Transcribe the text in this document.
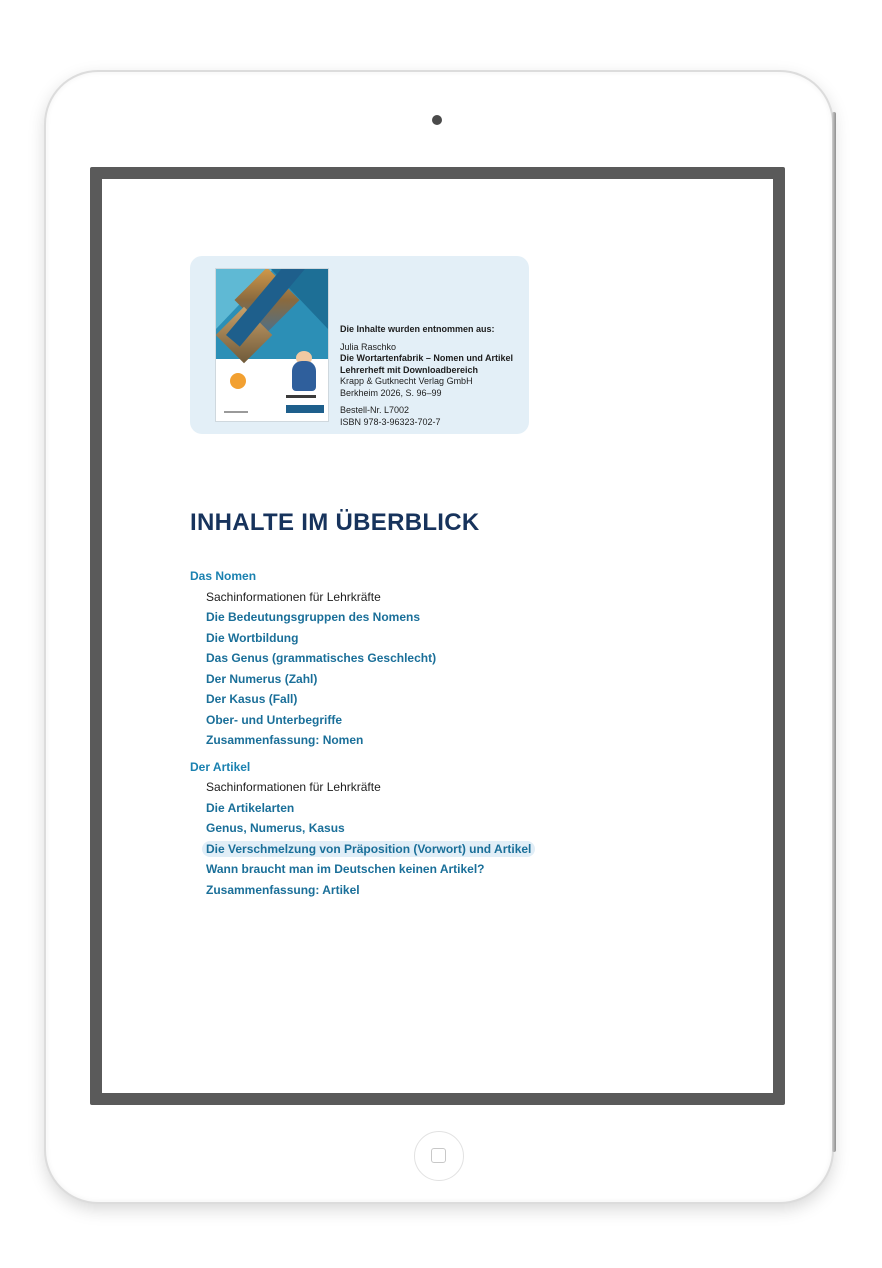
Die Inhalte wurden entnommen aus:
Julia Raschko
Die Wortartenfabrik – Nomen und Artikel
Lehrerheft mit Downloadbereich
Krapp & Gutknecht Verlag GmbH
Berkheim 2026, S. 96–99
Bestell-Nr. L7002
ISBN 978-3-96323-702-7
INHALTE IM ÜBERBLICK
Das Nomen
Sachinformationen für Lehrkräfte
Die Bedeutungsgruppen des Nomens
Die Wortbildung
Das Genus (grammatisches Geschlecht)
Der Numerus (Zahl)
Der Kasus (Fall)
Ober- und Unterbegriffe
Zusammenfassung: Nomen
Der Artikel
Sachinformationen für Lehrkräfte
Die Artikelarten
Genus, Numerus, Kasus
Die Verschmelzung von Präposition (Vorwort) und Artikel
Wann braucht man im Deutschen keinen Artikel?
Zusammenfassung: Artikel
